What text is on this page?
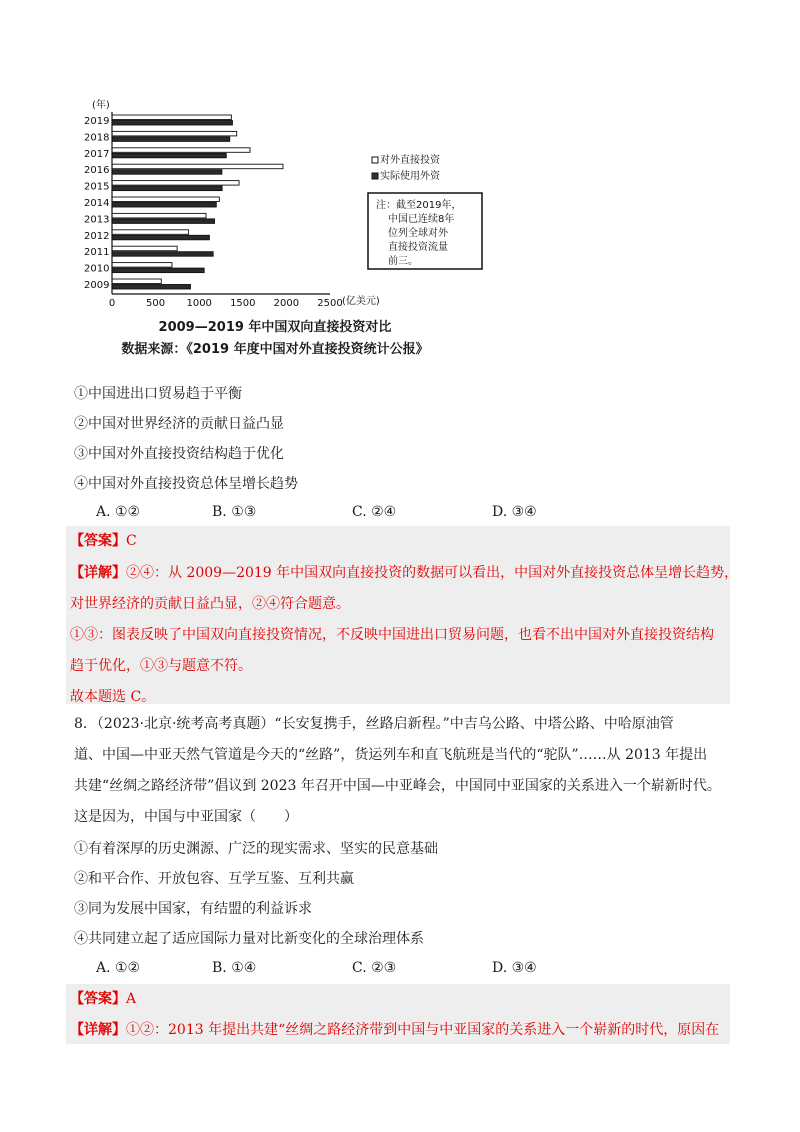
(年)
2019
2018
2017
2016
2015
2014
2013
2012
2011
2010
2009
0	500 1000 1500 2000 2500 (亿美元)
对外直接投资
实际使用外资
注：截至2019年，
中国已连续8年
位列全球对外
直接投资流量
前三。
2009—2019 年中国双向直接投资对比
数据来源：《2019 年度中国对外直接投资统计公报》
①中国进出口贸易趋于平衡
②中国对世界经济的贡献日益凸显
③中国对外直接投资结构趋于优化
④中国对外直接投资总体呈增长趋势
A. ①②	B. ①③	C. ②④	D. ③④
【答案】C
【详解】②④：从 2009—2019 年中国双向直接投资的数据可以看出，中国对外直接投资总体呈增长趋势，
对世界经济的贡献日益凸显，②④符合题意。
①③：图表反映了中国双向直接投资情况，不反映中国进出口贸易问题，也看不出中国对外直接投资结构
趋于优化，①③与题意不符。
故本题选 C。
8．（2023·北京·统考高考真题）“长安复携手，丝路启新程。”中吉乌公路、中塔公路、中哈原油管
道、中国—中亚天然气管道是今天的“丝路”，货运列车和直飞航班是当代的“驼队”……从 2013 年提出
共建“丝绸之路经济带”倡议到 2023 年召开中国—中亚峰会，中国同中亚国家的关系进入一个崭新时代。
这是因为，中国与中亚国家（　　）
①有着深厚的历史渊源、广泛的现实需求、坚实的民意基础
②和平合作、开放包容、互学互鉴、互利共赢
③同为发展中国家，有结盟的利益诉求
④共同建立起了适应国际力量对比新变化的全球治理体系
A. ①②	B. ①④	C. ②③	D. ③④
【答案】A
【详解】①②：2013 年提出共建“丝绸之路经济带到中国与中亚国家的关系进入一个崭新的时代，原因在
